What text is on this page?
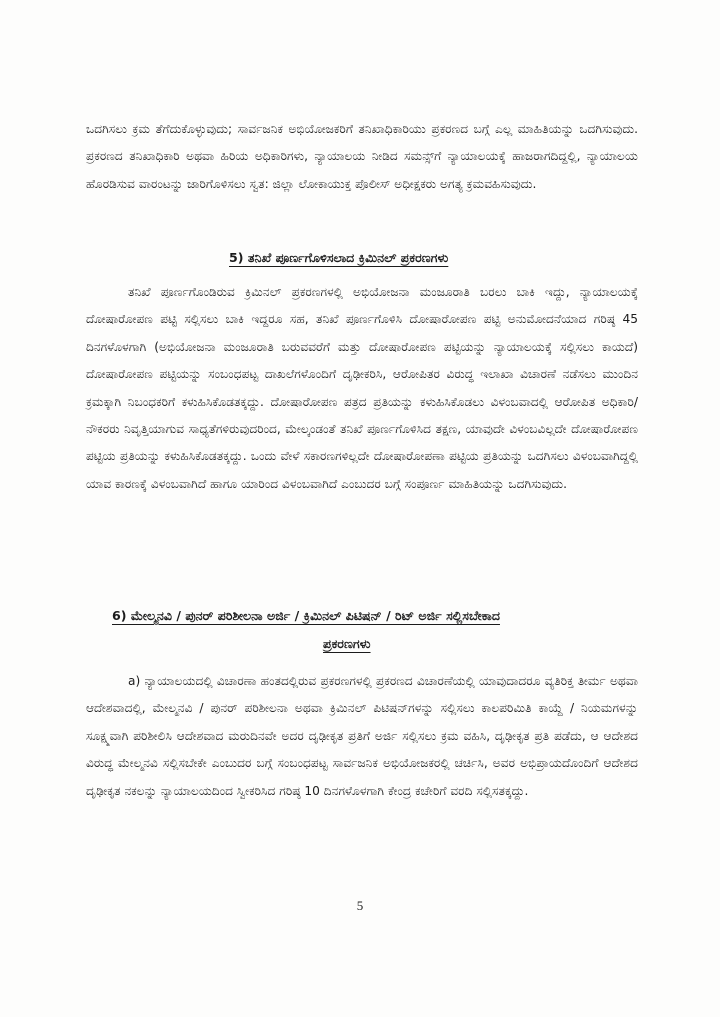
ಒದಗಿಸಲು ಕ್ರಮ ತೆಗೆದುಕೊಳ್ಳುವುದು; ಸಾರ್ವಜನಿಕ ಅಭಿಯೋಜಕರಿಗೆ ತನಿಖಾಧಿಕಾರಿಯು ಪ್ರಕರಣದ ಬಗ್ಗೆ ಎಲ್ಲ ಮಾಹಿತಿಯನ್ನು ಒದಗಿಸುವುದು. ಪ್ರಕರಣದ ತನಿಖಾಧಿಕಾರಿ ಅಥವಾ ಹಿರಿಯ ಅಧಿಕಾರಿಗಳು, ನ್ಯಾಯಾಲಯ ನೀಡಿದ ಸಮನ್ಸ್‌ಗೆ ನ್ಯಾಯಾಲಯಕ್ಕೆ ಹಾಜರಾಗದಿದ್ದಲ್ಲಿ, ನ್ಯಾಯಾಲಯ ಹೊರಡಿಸುವ ವಾರಂಟನ್ನು ಜಾರಿಗೊಳಿಸಲು ಸ್ವತ: ಜಿಲ್ಲಾ ಲೋಕಾಯುಕ್ತ ಪೊಲೀಸ್ ಅಧೀಕ್ಷಕರು ಅಗತ್ಯ ಕ್ರಮವಹಿಸುವುದು.

5) ತನಿಖೆ ಪೂರ್ಣಗೊಳಿಸಲಾದ ಕ್ರಿಮಿನಲ್ ಪ್ರಕರಣಗಳು

ತನಿಖೆ ಪೂರ್ಣಗೊಂಡಿರುವ ಕ್ರಿಮಿನಲ್ ಪ್ರಕರಣಗಳಲ್ಲಿ ಅಭಿಯೋಜನಾ ಮಂಜೂರಾತಿ ಬರಲು ಬಾಕಿ ಇದ್ದು, ನ್ಯಾಯಾಲಯಕ್ಕೆ ದೋಷಾರೋಪಣ ಪಟ್ಟಿ ಸಲ್ಲಿಸಲು ಬಾಕಿ ಇದ್ದರೂ ಸಹ, ತನಿಖೆ ಪೂರ್ಣಗೊಳಿಸಿ ದೋಷಾರೋಪಣ ಪಟ್ಟಿ ಅನುಮೋದನೆಯಾದ ಗರಿಷ್ಠ 45 ದಿನಗಳೊಳಗಾಗಿ (ಅಭಿಯೋಜನಾ ಮಂಜೂರಾತಿ ಬರುವವರೆಗೆ ಮತ್ತು ದೋಷಾರೋಪಣ ಪಟ್ಟಿಯನ್ನು ನ್ಯಾಯಾಲಯಕ್ಕೆ ಸಲ್ಲಿಸಲು ಕಾಯದೆ) ದೋಷಾರೋಪಣ ಪಟ್ಟಿಯನ್ನು ಸಂಬಂಧಪಟ್ಟ ದಾಖಲೆಗಳೊಂದಿಗೆ ದೃಢೀಕರಿಸಿ, ಆರೋಪಿತರ ವಿರುದ್ಧ ಇಲಾಖಾ ವಿಚಾರಣೆ ನಡೆಸಲು ಮುಂದಿನ ಕ್ರಮಕ್ಕಾಗಿ ನಿಬಂಧಕರಿಗೆ ಕಳುಹಿಸಿಕೊಡತಕ್ಕದ್ದು. ದೋಷಾರೋಪಣ ಪತ್ರದ ಪ್ರತಿಯನ್ನು ಕಳುಹಿಸಿಕೊಡಲು ವಿಳಂಬವಾದಲ್ಲಿ ಆರೋಪಿತ ಅಧಿಕಾರಿ/ನೌಕರರು ನಿವೃತ್ತಿಯಾಗುವ ಸಾಧ್ಯತೆಗಳಿರುವುದರಿಂದ, ಮೇಲ್ಕಂಡಂತೆ ತನಿಖೆ ಪೂರ್ಣಗೊಳಿಸಿದ ತಕ್ಷಣ, ಯಾವುದೇ ವಿಳಂಬವಿಲ್ಲದೇ ದೋಷಾರೋಪಣ ಪಟ್ಟಿಯ ಪ್ರತಿಯನ್ನು ಕಳುಹಿಸಿಕೊಡತಕ್ಕದ್ದು. ಒಂದು ವೇಳೆ ಸಕಾರಣಗಳಿಲ್ಲದೇ ದೋಷಾರೋಪಣಾ ಪಟ್ಟಿಯ ಪ್ರತಿಯನ್ನು ಒದಗಿಸಲು ವಿಳಂಬವಾಗಿದ್ದಲ್ಲಿ ಯಾವ ಕಾರಣಕ್ಕೆ ವಿಳಂಬವಾಗಿದೆ ಹಾಗೂ ಯಾರಿಂದ ವಿಳಂಬವಾಗಿದೆ ಎಂಬುದರ ಬಗ್ಗೆ ಸಂಪೂರ್ಣ ಮಾಹಿತಿಯನ್ನು ಒದಗಿಸುವುದು.

6) ಮೇಲ್ಮನವಿ / ಪುನರ್ ಪರಿಶೀಲನಾ ಅರ್ಜಿ / ಕ್ರಿಮಿನಲ್ ಪಿಟಿಷನ್ / ರಿಟ್ ಅರ್ಜಿ ಸಲ್ಲಿಸಬೇಕಾದ
ಪ್ರಕರಣಗಳು

a) ನ್ಯಾಯಾಲಯದಲ್ಲಿ ವಿಚಾರಣಾ ಹಂತದಲ್ಲಿರುವ ಪ್ರಕರಣಗಳಲ್ಲಿ ಪ್ರಕರಣದ ವಿಚಾರಣೆಯಲ್ಲಿ ಯಾವುದಾದರೂ ವ್ಯತಿರಿಕ್ತ ತೀರ್ಮ ಅಥವಾ ಆದೇಶವಾದಲ್ಲಿ, ಮೇಲ್ಮನವಿ / ಪುನರ್ ಪರಿಶೀಲನಾ ಅಥವಾ ಕ್ರಿಮಿನಲ್ ಪಿಟಿಷನ್‌ಗಳನ್ನು ಸಲ್ಲಿಸಲು ಕಾಲಪರಿಮಿತಿ ಕಾಯ್ದೆ / ನಿಯಮಗಳನ್ನು ಸೂಕ್ಷ್ಮವಾಗಿ ಪರಿಶೀಲಿಸಿ ಆದೇಶವಾದ ಮರುದಿನವೇ ಅದರ ದೃಢೀಕೃತ ಪ್ರತಿಗೆ ಅರ್ಜಿ ಸಲ್ಲಿಸಲು ಕ್ರಮ ವಹಿಸಿ, ದೃಢೀಕೃತ ಪ್ರತಿ ಪಡೆದು, ಆ ಆದೇಶದ ವಿರುದ್ಧ ಮೇಲ್ಮನವಿ ಸಲ್ಲಿಸಬೇಕೇ ಎಂಬುದರ ಬಗ್ಗೆ ಸಂಬಂಧಪಟ್ಟ ಸಾರ್ವಜನಿಕ ಅಭಿಯೋಜಕರಲ್ಲಿ ಚರ್ಚಿಸಿ, ಅವರ ಅಭಿಪ್ರಾಯದೊಂದಿಗೆ ಆದೇಶದ ದೃಢೀಕೃತ ನಕಲನ್ನು ನ್ಯಾಯಾಲಯದಿಂದ ಸ್ವೀಕರಿಸಿದ ಗರಿಷ್ಠ 10 ದಿನಗಳೊಳಗಾಗಿ ಕೇಂದ್ರ ಕಚೇರಿಗೆ ವರದಿ ಸಲ್ಲಿಸತಕ್ಕದ್ದು.

5
